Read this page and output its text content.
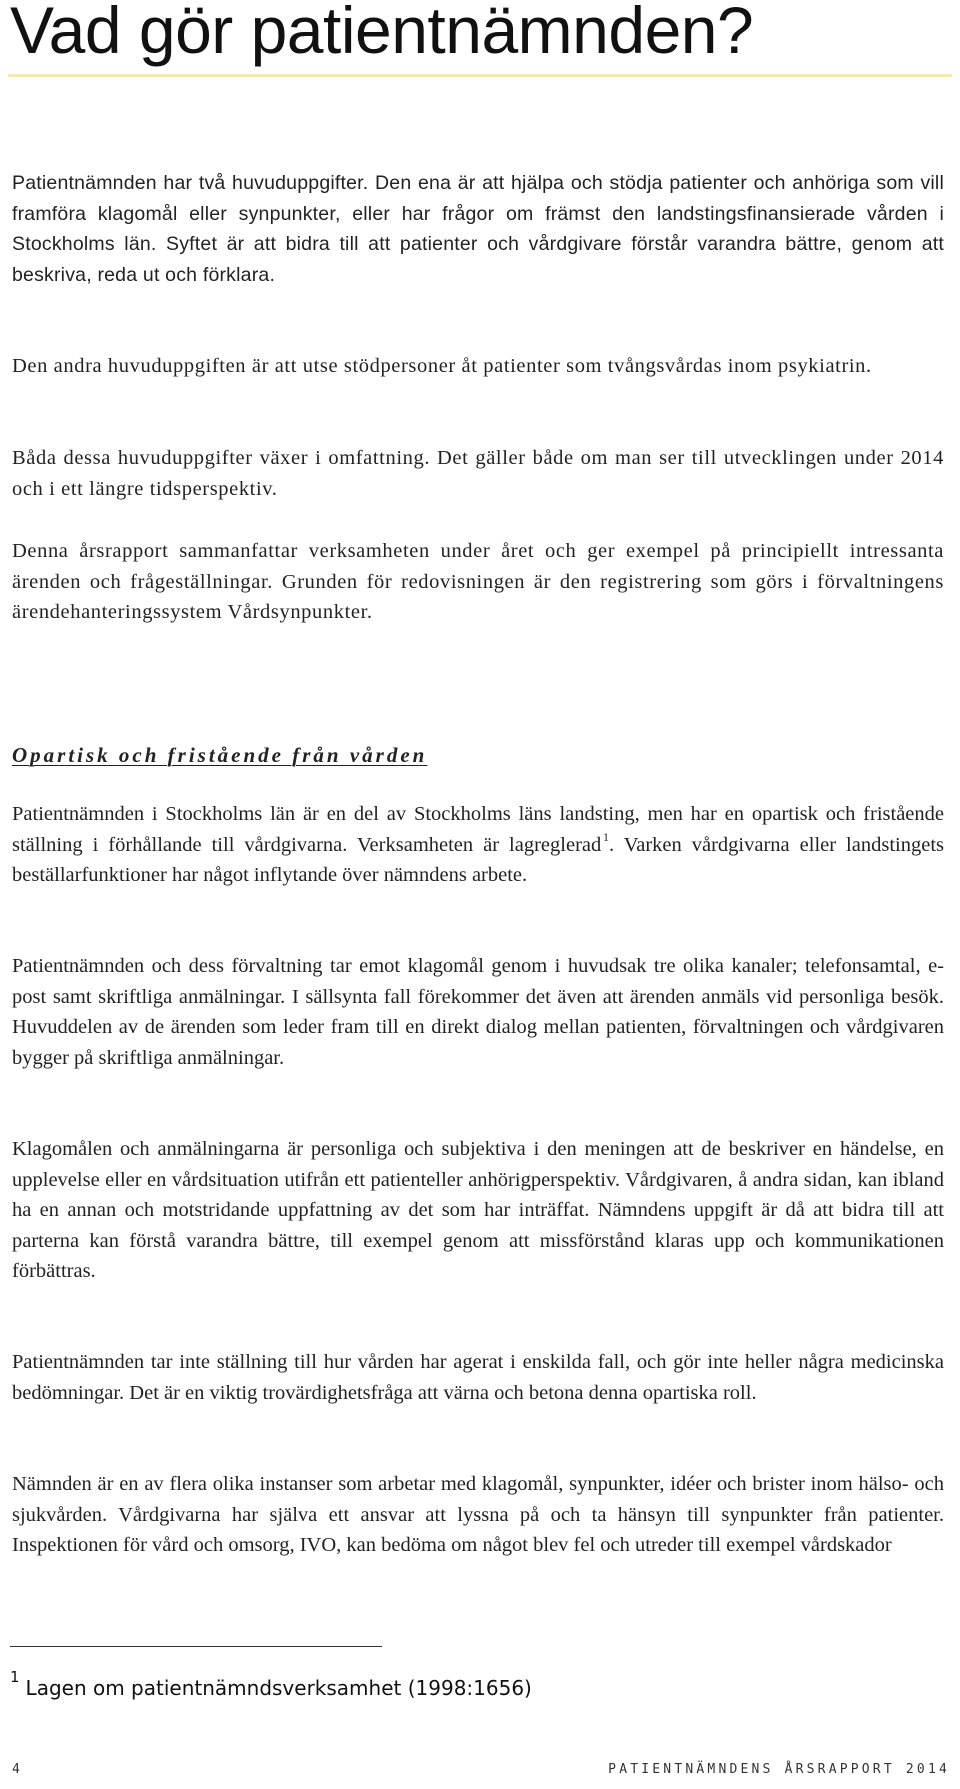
Vad gör patientnämnden?

Patientnämnden har två huvuduppgifter. Den ena är att hjälpa och stödja patienter och anhöriga som vill framföra klagomål eller synpunkter, eller har frågor om främst den landstingsfinansierade vården i Stockholms län. Syftet är att bidra till att patienter och vårdgivare förstår varandra bättre, genom att beskriva, reda ut och förklara.

Den andra huvuduppgiften är att utse stödpersoner åt patienter som tvångsvårdas inom psykiatrin.

Båda dessa huvuduppgifter växer i omfattning. Det gäller både om man ser till utvecklingen under 2014 och i ett längre tidsperspektiv.

Denna årsrapport sammanfattar verksamheten under året och ger exempel på principiellt intressanta ärenden och frågeställningar. Grunden för redovisningen är den registrering som görs i förvaltningens ärendehanteringssystem Vårdsynpunkter.

Opartisk och fristående från vården

Patientnämnden i Stockholms län är en del av Stockholms läns landsting, men har en opartisk och fristående ställning i förhållande till vårdgivarna. Verksamheten är lagreglerad  $^1$. Varken vårdgivarna eller landstingets beställarfunktioner har något inflytande över nämndens arbete.

Patientnämnden och dess förvaltning tar emot klagomål genom i huvudsak tre olika kanaler; telefonsamtal, e-post samt skriftliga anmälningar. I sällsynta fall förekommer det även att ärenden anmäls vid personliga besök. Huvuddelen av de ärenden som leder fram till en direkt dialog mellan patienten, förvaltningen och vårdgivaren bygger på skriftliga anmälningar.

Klagomålen och anmälningarna är personliga och subjektiva i den meningen att de beskriver en händelse, en upplevelse eller en vårdsituation utifrån ett patienteller anhörigperspektiv. Vårdgivaren, å andra sidan, kan ibland ha en annan och motstridande uppfattning av det som har inträffat. Nämndens uppgift är då att bidra till att parterna kan förstå varandra bättre, till exempel genom att missförstånd klaras upp och kommunikationen förbättras.

Patientnämnden tar inte ställning till hur vården har agerat i enskilda fall, och gör inte heller några medicinska bedömningar. Det är en viktig trovärdighetsfråga att värna och betona denna opartiska roll.

Nämnden är en av flera olika instanser som arbetar med klagomål, synpunkter, idéer och brister inom hälso- och sjukvården. Vårdgivarna har själva ett ansvar att lyssna på och ta hänsyn till synpunkter från patienter. Inspektionen för vård och omsorg, IVO, kan bedöma om något blev fel och utreder till exempel vårdskador

$^1$ Lagen om patientnämndsverksamhet (1998:1656)

4	PATIENTNÄMNDENS ÅRSRAPPORT 2014
